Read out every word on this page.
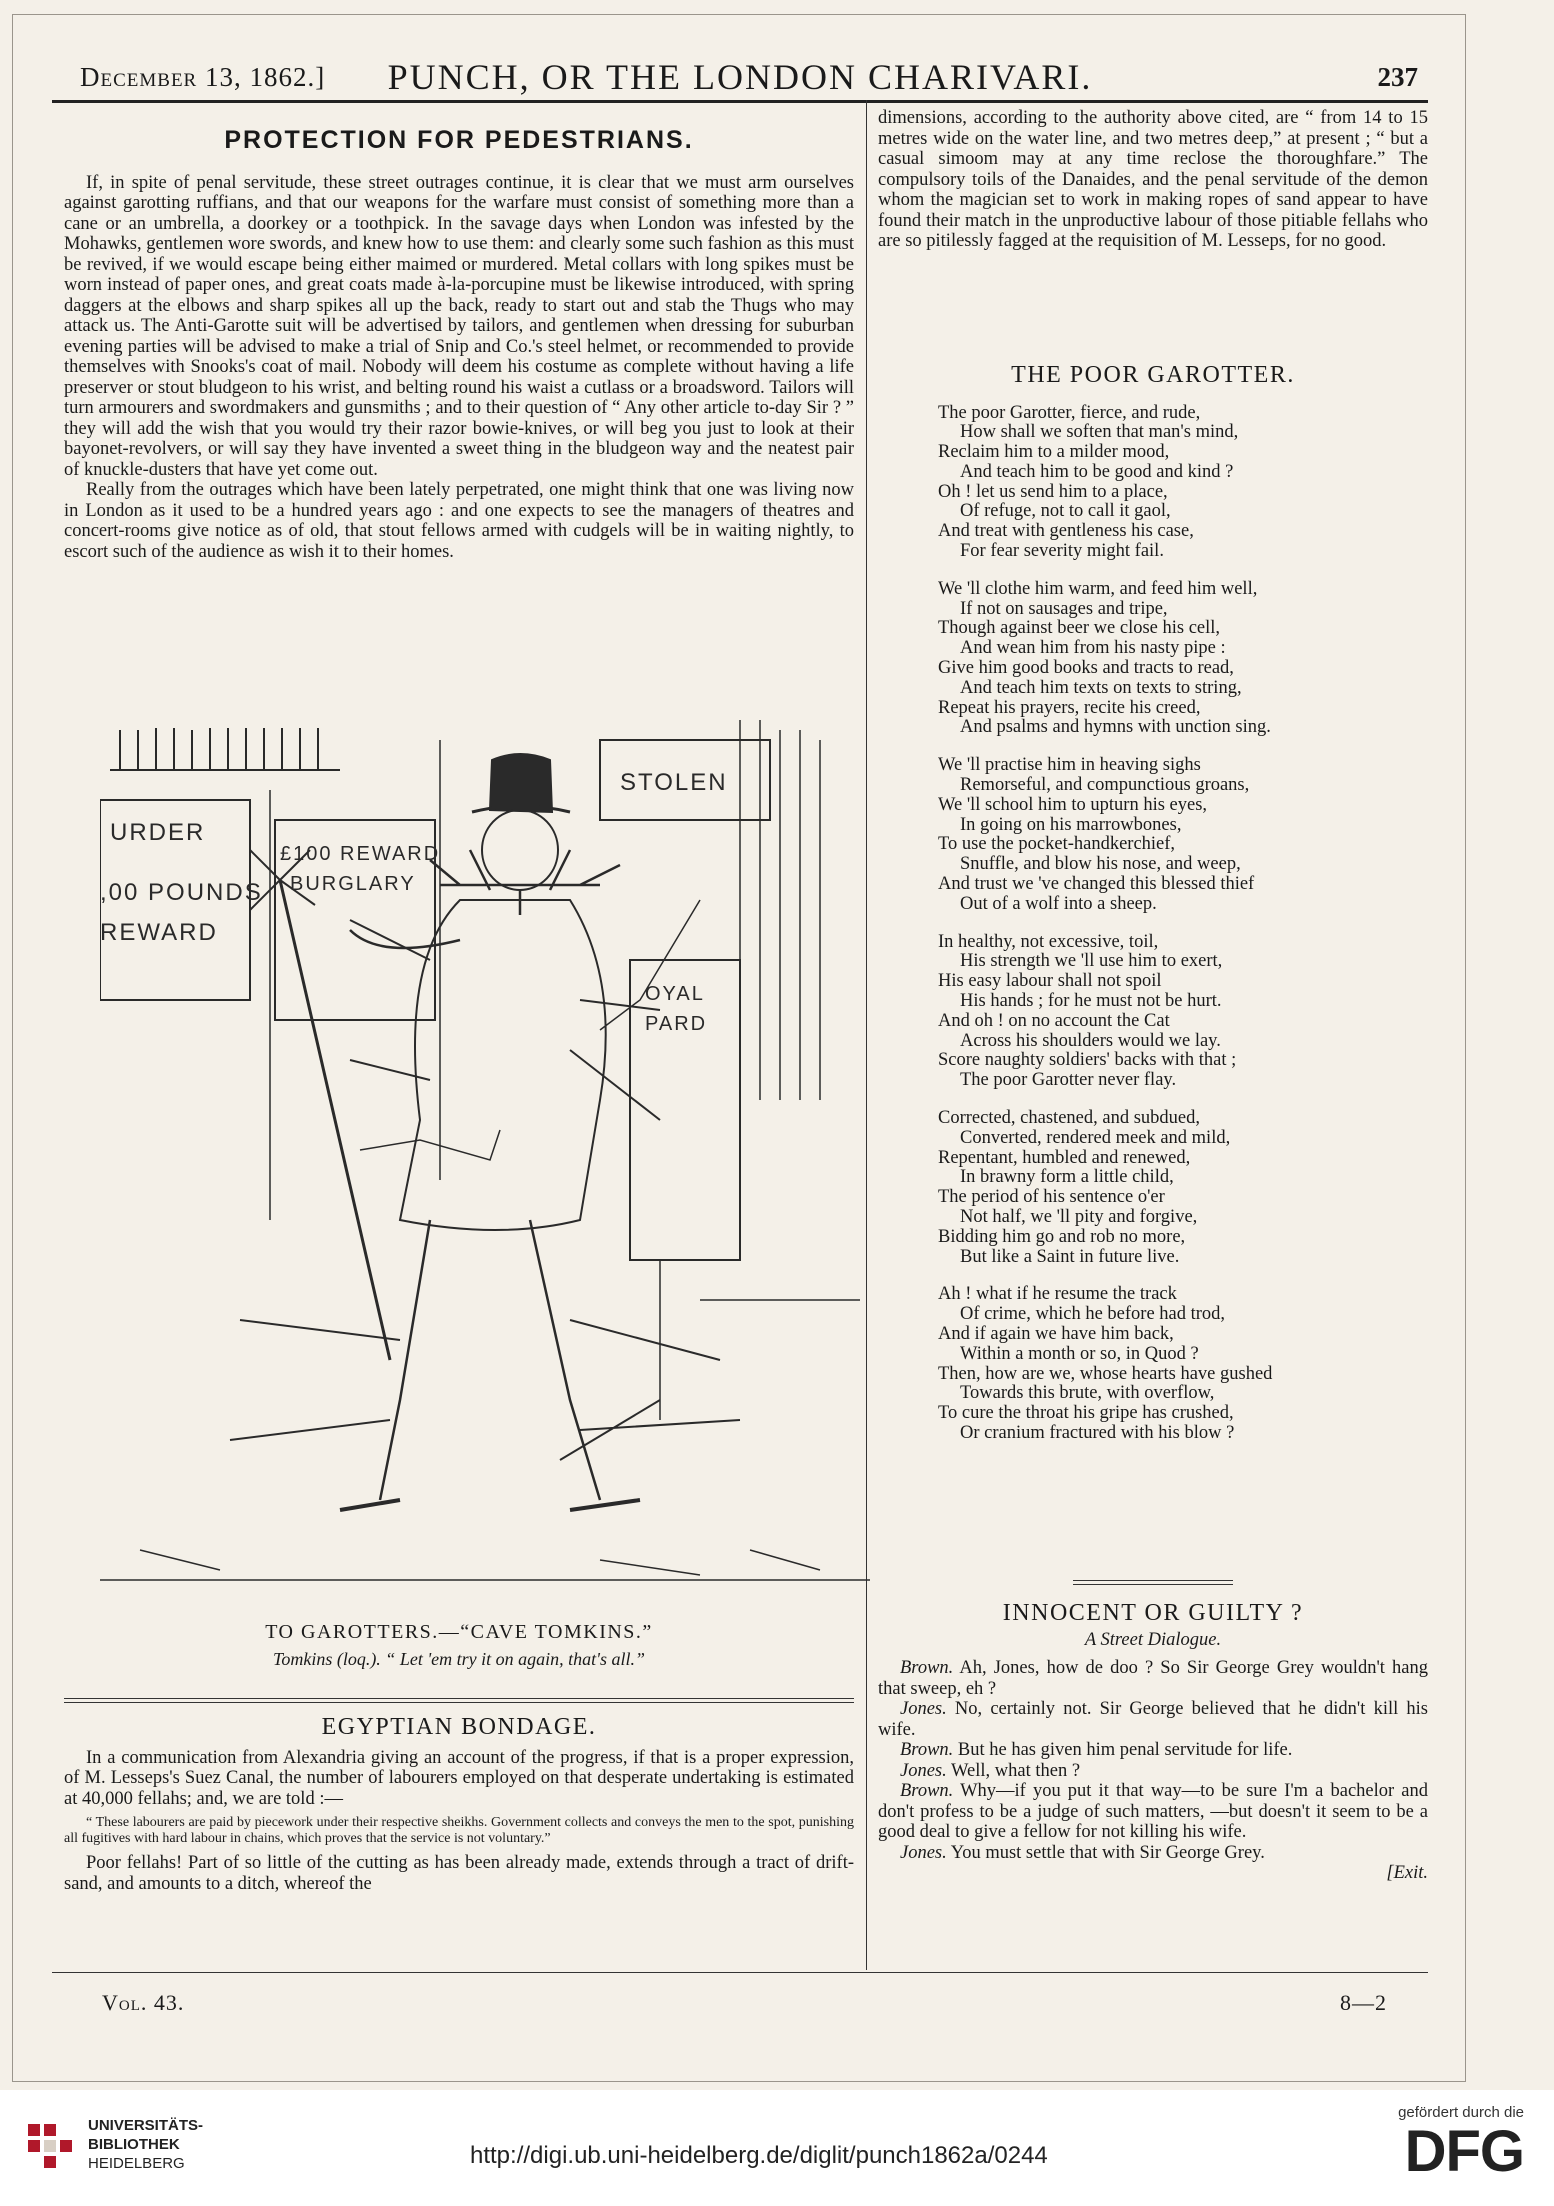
December 13, 1862.]	PUNCH, OR THE LONDON CHARIVARI.	237
PROTECTION FOR PEDESTRIANS.

If, in spite of penal servitude, these street outrages continue, it is clear that we must arm ourselves against garotting ruffians, and that our weapons for the warfare must consist of something more than a cane or an umbrella, a doorkey or a toothpick. In the savage days when London was infested by the Mohawks, gentlemen wore swords, and knew how to use them: and clearly some such fashion as this must be revived, if we would escape being either maimed or murdered. Metal collars with long spikes must be worn instead of paper ones, and great coats made à-la-porcupine must be likewise introduced, with spring daggers at the elbows and sharp spikes all up the back, ready to start out and stab the Thugs who may attack us. The Anti-Garotte suit will be advertised by tailors, and gentlemen when dressing for suburban evening parties will be advised to make a trial of Snip and Co.'s steel helmet, or recommended to provide themselves with Snooks's coat of mail. Nobody will deem his costume as complete without having a life preserver or stout bludgeon to his wrist, and belting round his waist a cutlass or a broadsword. Tailors will turn armourers and swordmakers and gunsmiths ; and to their question of “ Any other article to-day Sir ? ” they will add the wish that you would try their razor bowie-knives, or will beg you just to look at their bayonet-revolvers, or will say they have invented a sweet thing in the bludgeon way and the neatest pair of knuckle-dusters that have yet come out.

Really from the outrages which have been lately perpetrated, one might think that one was living now in London as it used to be a hundred years ago : and one expects to see the managers of theatres and concert-rooms give notice as of old, that stout fellows armed with cudgels will be in waiting nightly, to escort such of the audience as wish it to their homes.

STOLEN
£100 REWARD
BURGLARY
URDER
,00 POUNDS
REWARD
OYAL
PARD
TO GAROTTERS.—“CAVE TOMKINS.”
Tomkins (loq.). “ Let 'em try it on again, that's all.”
EGYPTIAN BONDAGE.

In a communication from Alexandria giving an account of the progress, if that is a proper expression, of M. Lesseps's Suez Canal, the number of labourers employed on that desperate undertaking is estimated at 40,000 fellahs; and, we are told :—

“ These labourers are paid by piecework under their respective sheikhs. Government collects and conveys the men to the spot, punishing all fugitives with hard labour in chains, which proves that the service is not voluntary.”

Poor fellahs! Part of so little of the cutting as has been already made, extends through a tract of drift-sand, and amounts to a ditch, whereof the

dimensions, according to the authority above cited, are “ from 14 to 15 metres wide on the water line, and two metres deep,” at present ; “ but a casual simoom may at any time reclose the thoroughfare.” The compulsory toils of the Danaides, and the penal servitude of the demon whom the magician set to work in making ropes of sand appear to have found their match in the unproductive labour of those pitiable fellahs who are so pitilessly fagged at the requisition of M. Lesseps, for no good.

THE POOR GAROTTER.
The poor Garotter, fierce, and rude,
How shall we soften that man's mind,
Reclaim him to a milder mood,
And teach him to be good and kind ?
Oh ! let us send him to a place,
Of refuge, not to call it gaol,
And treat with gentleness his case,
For fear severity might fail.
We 'll clothe him warm, and feed him well,
If not on sausages and tripe,
Though against beer we close his cell,
And wean him from his nasty pipe :
Give him good books and tracts to read,
And teach him texts on texts to string,
Repeat his prayers, recite his creed,
And psalms and hymns with unction sing.
We 'll practise him in heaving sighs
Remorseful, and compunctious groans,
We 'll school him to upturn his eyes,
In going on his marrowbones,
To use the pocket-handkerchief,
Snuffle, and blow his nose, and weep,
And trust we 've changed this blessed thief
Out of a wolf into a sheep.
In healthy, not excessive, toil,
His strength we 'll use him to exert,
His easy labour shall not spoil
His hands ; for he must not be hurt.
And oh ! on no account the Cat
Across his shoulders would we lay.
Score naughty soldiers' backs with that ;
The poor Garotter never flay.
Corrected, chastened, and subdued,
Converted, rendered meek and mild,
Repentant, humbled and renewed,
In brawny form a little child,
The period of his sentence o'er
Not half, we 'll pity and forgive,
Bidding him go and rob no more,
But like a Saint in future live.
Ah ! what if he resume the track
Of crime, which he before had trod,
And if again we have him back,
Within a month or so, in Quod ?
Then, how are we, whose hearts have gushed
Towards this brute, with overflow,
To cure the throat his gripe has crushed,
Or cranium fractured with his blow ?
INNOCENT OR GUILTY ?
A Street Dialogue.

Brown. Ah, Jones, how de doo ? So Sir George Grey wouldn't hang that sweep, eh ?

Jones. No, certainly not. Sir George believed that he didn't kill his wife.

Brown. But he has given him penal servitude for life.

Jones. Well, what then ?

Brown. Why—if you put it that way—to be sure I'm a bachelor and don't profess to be a judge of such matters, —but doesn't it seem to be a good deal to give a fellow for not killing his wife.

Jones. You must settle that with Sir George Grey.

[Exit.
Vol. 43.	8—2
UNIVERSITÄTS-
BIBLIOTHEK
HEIDELBERG	http://digi.ub.uni-heidelberg.de/diglit/punch1862a/0244
gefördert durch die
DFG
